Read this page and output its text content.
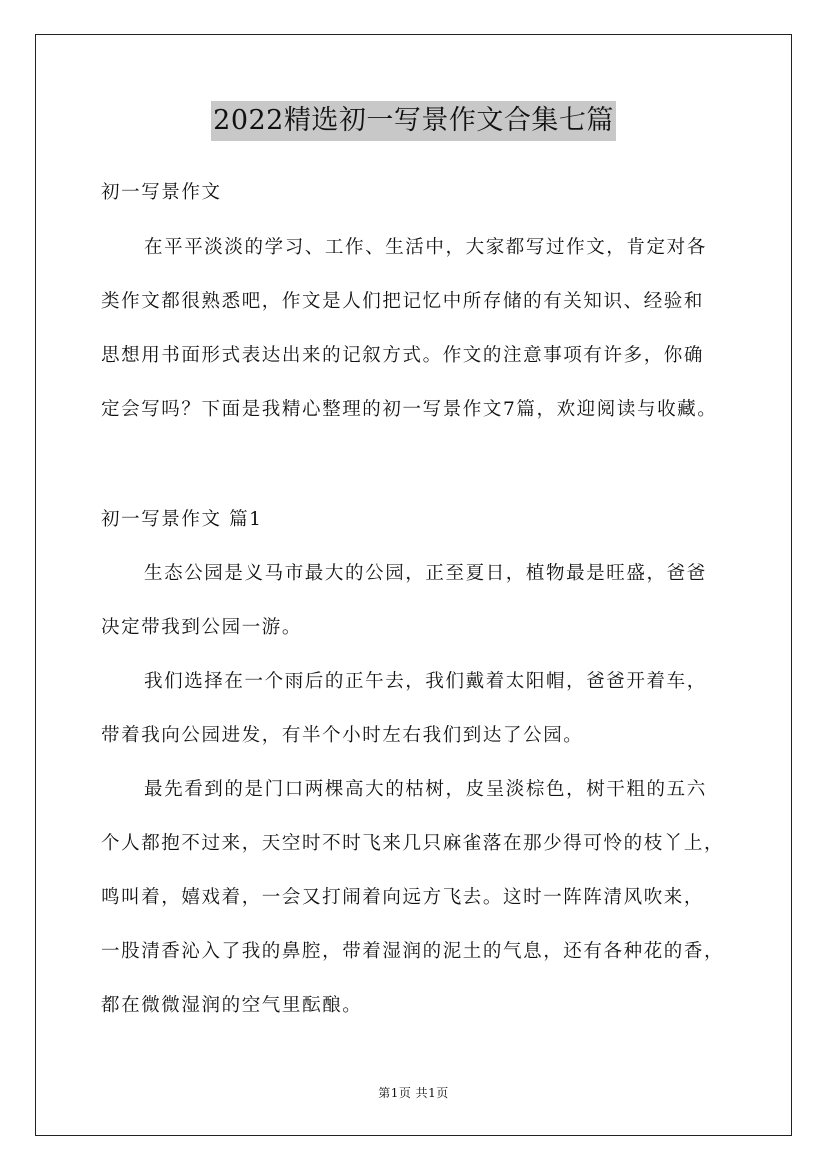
2022精选初一写景作文合集七篇
初一写景作文
在平平淡淡的学习、工作、生活中，大家都写过作文，肯定对各
类作文都很熟悉吧，作文是人们把记忆中所存储的有关知识、经验和
思想用书面形式表达出来的记叙方式。作文的注意事项有许多，你确
定会写吗？下面是我精心整理的初一写景作文7篇，欢迎阅读与收藏。
初一写景作文 篇1
生态公园是义马市最大的公园，正至夏日，植物最是旺盛，爸爸
决定带我到公园一游。
我们选择在一个雨后的正午去，我们戴着太阳帽，爸爸开着车，
带着我向公园进发，有半个小时左右我们到达了公园。
最先看到的是门口两棵高大的枯树，皮呈淡棕色，树干粗的五六
个人都抱不过来，天空时不时飞来几只麻雀落在那少得可怜的枝丫上，
鸣叫着，嬉戏着，一会又打闹着向远方飞去。这时一阵阵清风吹来，
一股清香沁入了我的鼻腔，带着湿润的泥土的气息，还有各种花的香，
都在微微湿润的空气里酝酿。
第1页 共1页
